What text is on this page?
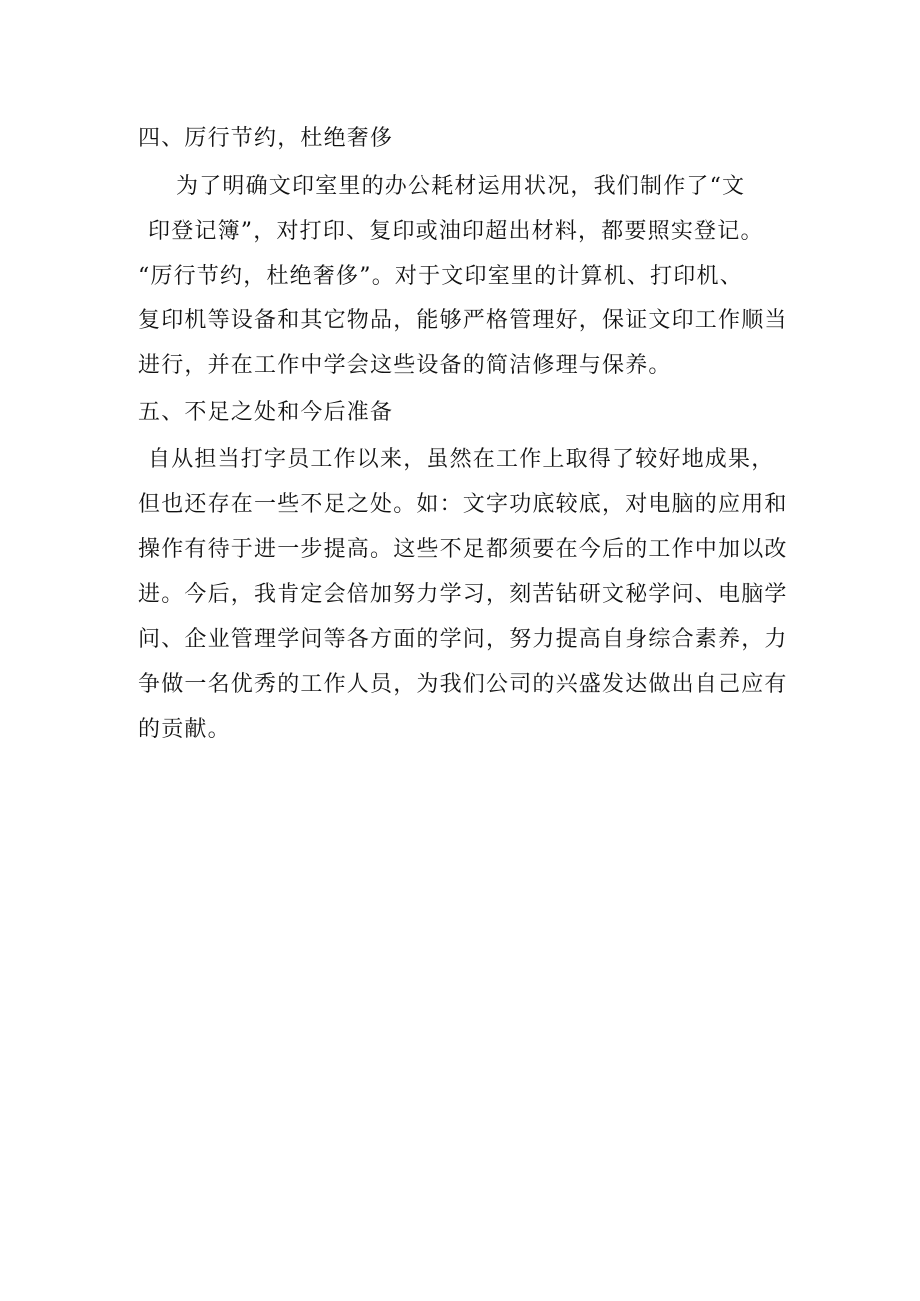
四、厉行节约，杜绝奢侈
为了明确文印室里的办公耗材运用状况，我们制作了“文
印登记簿”，对打印、复印或油印超出材料，都要照实登记。
“厉行节约，杜绝奢侈”。对于文印室里的计算机、打印机、
复印机等设备和其它物品，能够严格管理好，保证文印工作顺当
进行，并在工作中学会这些设备的简洁修理与保养。
五、不足之处和今后准备
自从担当打字员工作以来，虽然在工作上取得了较好地成果，
但也还存在一些不足之处。如：文字功底较底，对电脑的应用和
操作有待于进一步提高。这些不足都须要在今后的工作中加以改
进。今后，我肯定会倍加努力学习，刻苦钻研文秘学问、电脑学
问、企业管理学问等各方面的学问，努力提高自身综合素养，力
争做一名优秀的工作人员，为我们公司的兴盛发达做出自己应有
的贡献。
